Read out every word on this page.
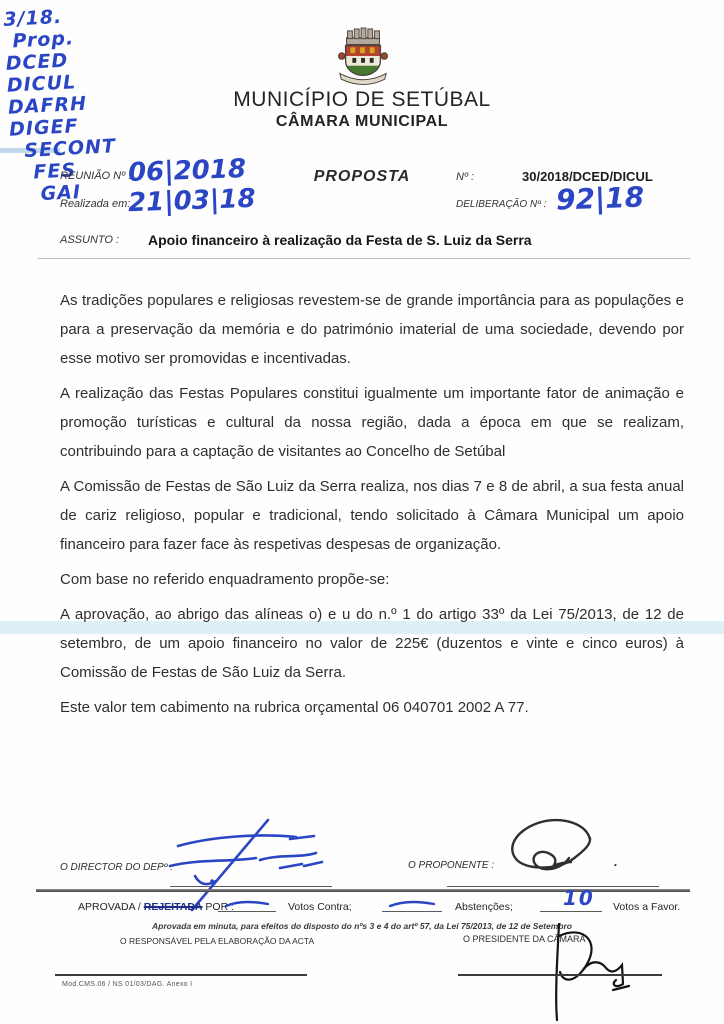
3/18.
Prop.
DCED
DICUL
DAFRH
DIGEF
SECONT
FES
GAI
MUNICÍPIO DE SETÚBAL
CÂMARA MUNICIPAL
REUNIÃO Nº :
06|2018
Realizada em:
21|03|18
PROPOSTA	Nº :	30/2018/DCED/DICUL
DELIBERAÇÃO Nº : 92|18
ASSUNTO : Apoio financeiro à realização da Festa de S. Luiz da Serra

As tradições populares e religiosas revestem-se de grande importância para as populações e para a preservação da memória e do património imaterial de uma sociedade, devendo por esse motivo ser promovidas e incentivadas.

A realização das Festas Populares constitui igualmente um importante fator de animação e promoção turísticas e cultural da nossa região, dada a época em que se realizam, contribuindo para a captação de visitantes ao Concelho de Setúbal

A Comissão de Festas de São Luiz da Serra realiza, nos dias 7 e 8 de abril, a sua festa anual de cariz religioso, popular e tradicional, tendo solicitado à Câmara Municipal um apoio financeiro para fazer face às respetivas despesas de organização.

Com base no referido enquadramento propõe-se:

A aprovação, ao abrigo das alíneas o) e u do n.º 1 do artigo 33º da Lei 75/2013, de 12 de setembro, de um apoio financeiro no valor de 225€ (duzentos e vinte e cinco euros) à Comissão de Festas de São Luiz da Serra.

Este valor tem cabimento na rubrica orçamental 06 040701 2002 A 77.

O DIRECTOR DO DEPº :	O PROPONENTE :	.
APROVADA / REJEITADA POR :	Votos Contra;	Abstenções;	10 Votos a Favor.
Aprovada em minuta, para efeitos do disposto do nºs 3 e 4 do artº 57, da Lei 75/2013, de 12 de Setembro
O RESPONSÁVEL PELA ELABORAÇÃO DA ACTA	O PRESIDENTE DA CÂMARA
Mod.CMS.06 / NS 01/03/DAG. Anexo I
